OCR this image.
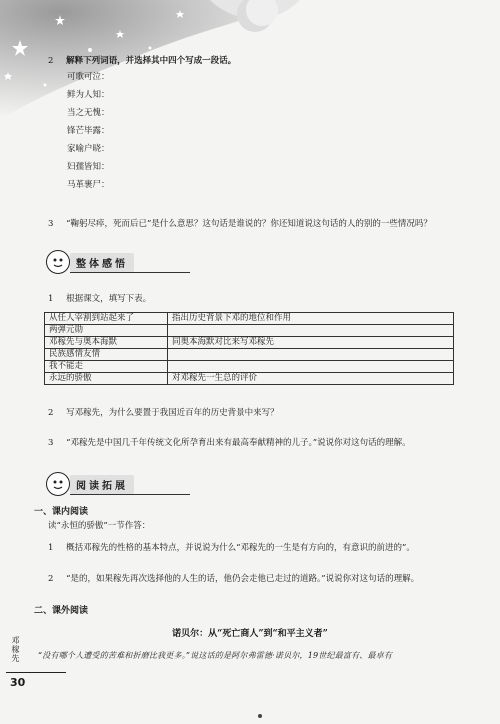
2 解释下列词语，并选择其中四个写成一段话。
可歌可泣：
鲜为人知：
当之无愧：
锋芒毕露：
家喻户晓：
妇孺皆知：
马革裹尸：
3 “鞠躬尽瘁，死而后已”是什么意思？这句话是谁说的？你还知道说这句话的人的别的一些情况吗？
整体感悟
1 根据课文，填写下表。
从任人宰割到站起来了	指出历史背景下邓的地位和作用
两弹元勋	
邓稼先与奥本海默	同奥本海默对比来写邓稼先
民族感情友情	
我不能走	
永远的骄傲	对邓稼先一生总的评价
2 写邓稼先，为什么要置于我国近百年的历史背景中来写？
3 “邓稼先是中国几千年传统文化所孕育出来有最高奉献精神的儿子。”说说你对这句话的理解。
阅读拓展
一、课内阅读
读“永恒的骄傲”一节作答：
1 概括邓稼先的性格的基本特点，并说说为什么“邓稼先的一生是有方向的，有意识的前进的”。
2 “是的，如果稼先再次选择他的人生的话，他仍会走他已走过的道路。”说说你对这句话的理解。
二、课外阅读
诺贝尔：从“死亡商人”到“和平主义者”
“没有哪个人遭受的苦难和折磨比我更多。”说这话的是阿尔弗雷德·诺贝尔，19世纪最富有、最卓有
邓稼先
30
